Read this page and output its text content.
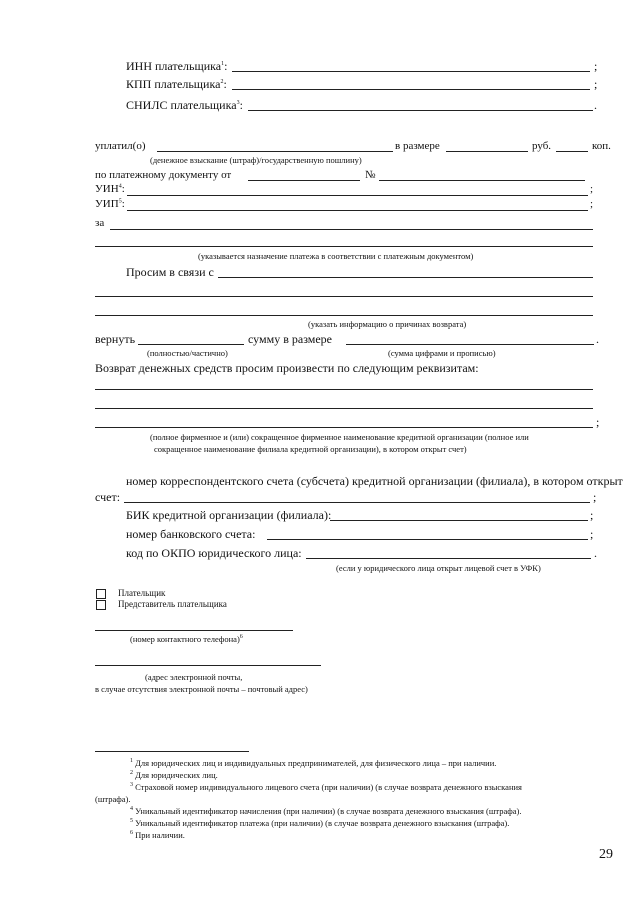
ИНН плательщика$^1$:	;
КПП плательщика$^2$:	;
СНИЛС плательщика$^3$:	.
уплатил(о)	в размере	руб.	коп.
(денежное взыскание (штраф)/государственную пошлину)
по платежному документу от	№
УИН$^4$:	;
УИП$^5$:	;
за
(указывается назначение платежа в соответствии с платежным документом)
Просим в связи с
(указать информацию о причинах возврата)
вернуть	сумму в размере	.
(полностью/частично)	(сумма цифрами и прописью)
Возврат денежных средств просим произвести по следующим реквизитам:
;
(полное фирменное и (или) сокращенное фирменное наименование кредитной организации (полное или
сокращенное наименование филиала кредитной организации), в котором открыт счет)
номер корреспондентского счета (субсчета) кредитной организации (филиала), в котором открыт
счет:	;
БИК кредитной организации (филиала):	;
номер банковского счета:	;
код по ОКПО юридического лица:	.
(если у юридического лица открыт лицевой счет в УФК)
Плательщик
Представитель плательщика
(номер контактного телефона)$^6$
(адрес электронной почты,
в случае отсутствия электронной почты – почтовый адрес)
$^1$ Для юридических лиц и индивидуальных предпринимателей, для физического лица – при наличии.
$^2$ Для юридических лиц.
$^3$ Страховой номер индивидуального лицевого счета (при наличии) (в случае возврата денежного взыскания
(штрафа).
$^4$ Уникальный идентификатор начисления (при наличии) (в случае возврата денежного взыскания (штрафа).
$^5$ Уникальный идентификатор платежа (при наличии) (в случае возврата денежного взыскания (штрафа).
$^6$ При наличии.
29
